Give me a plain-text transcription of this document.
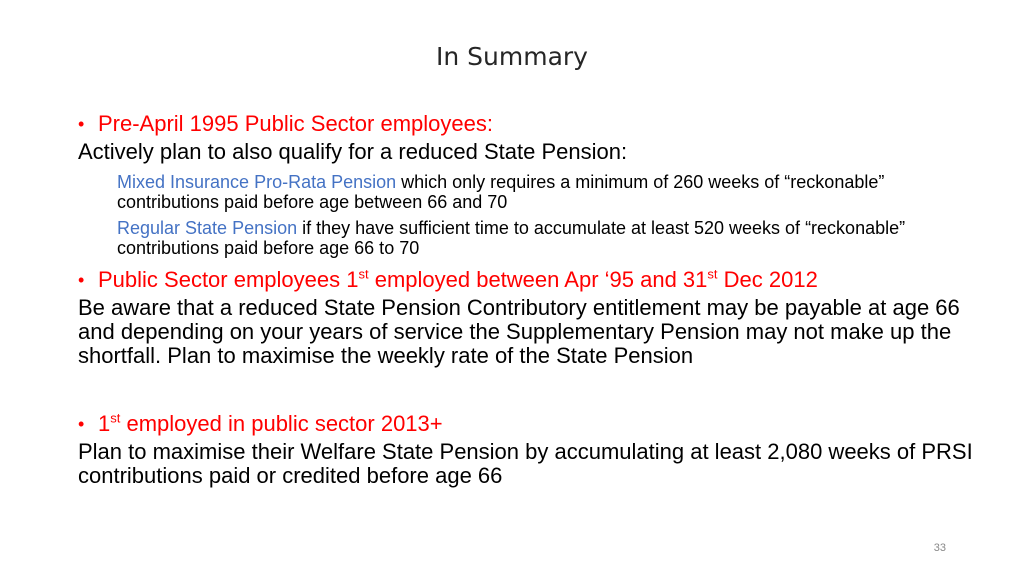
In Summary
• Pre-April 1995 Public Sector employees:
Actively plan to also qualify for a reduced State Pension:
Mixed Insurance Pro-Rata Pension which only requires a minimum of 260 weeks of “reckonable” contributions paid before age between 66 and 70
Regular State Pension if they have sufficient time to accumulate at least 520 weeks of “reckonable” contributions paid before age 66 to 70
• Public Sector employees 1st employed between Apr ‘95 and 31st Dec 2012
Be aware that a reduced State Pension Contributory entitlement may be payable at age 66 and depending on your years of service the Supplementary Pension may not make up the shortfall. Plan to maximise the weekly rate of the State Pension
• 1st employed in public sector 2013+
Plan to maximise their Welfare State Pension by accumulating at least 2,080 weeks of PRSI contributions paid or credited before age 66
33
